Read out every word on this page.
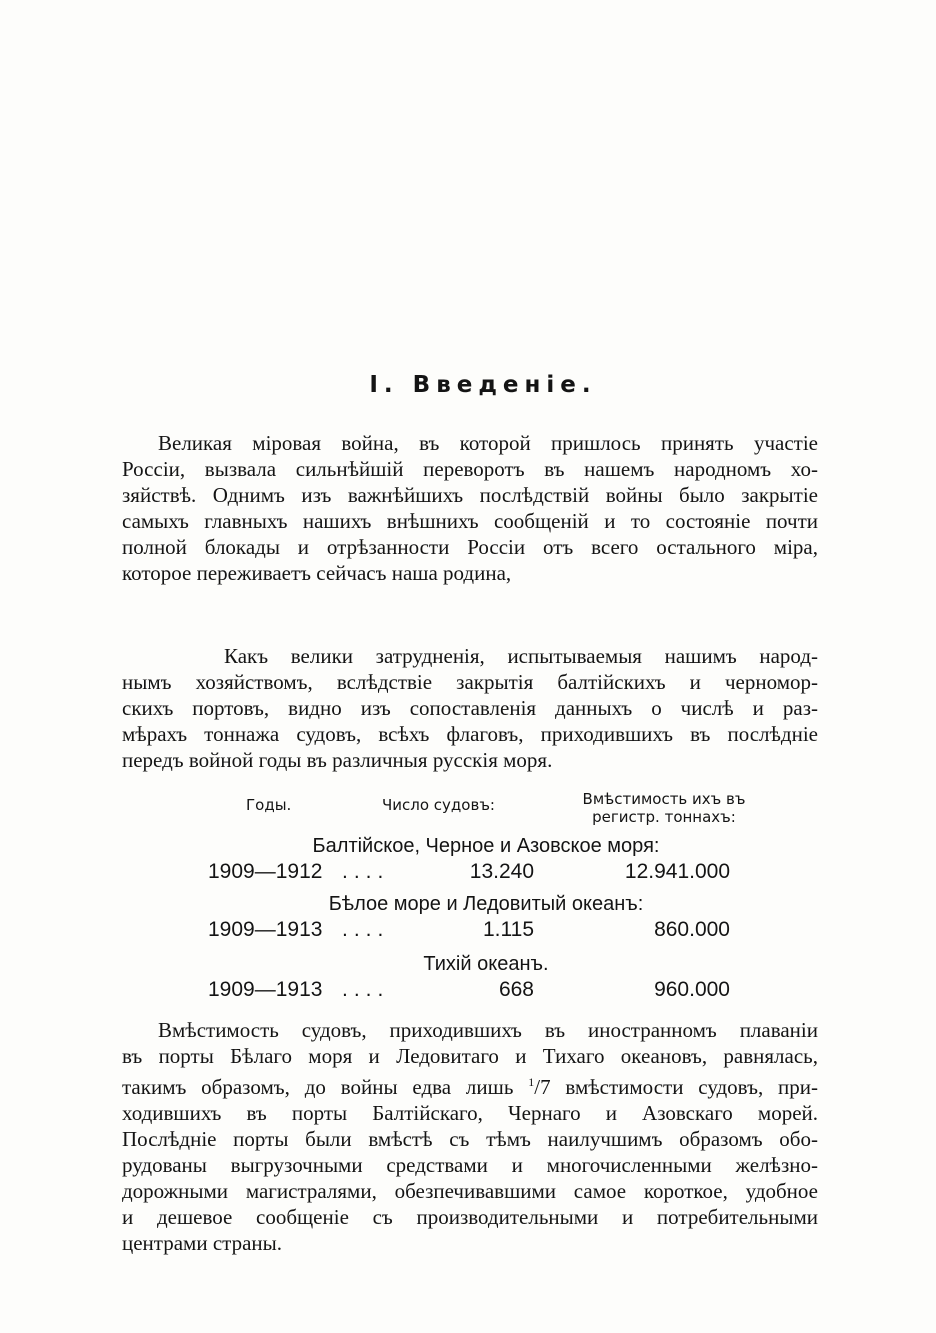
I. Введеніе.

Великая міровая война, въ которой пришлось принять участіе
Россіи, вызвала сильнѣйшій переворотъ въ нашемъ народномъ хо-
зяйствѣ. Однимъ изъ важнѣйшихъ послѣдствій войны было закрытіе
самыхъ главныхъ нашихъ внѣшнихъ сообщеній и то состояніе почти
полной блокады и отрѣзанности Россіи отъ всего остального міра,
которое переживаетъ сейчасъ наша родина,

Какъ велики затрудненія, испытываемыя нашимъ народ-
нымъ хозяйствомъ, вслѣдствіе закрытія балтійскихъ и черномор-
скихъ портовъ, видно изъ сопоставленія данныхъ о числѣ и раз-
мѣрахъ тоннажа судовъ, всѣхъ флаговъ, приходившихъ въ послѣдніе
передъ войной годы въ различныя русскія моря.

Годы.	Число судовъ:	Вмѣстимость ихъ въ
регистр. тоннахъ:
Балтійское, Черное и Азовское моря:
1909—1912 ....	13.240	12.941.000
Бѣлое море и Ледовитый океанъ:
1909—1913 ....	1.115	860.000
Тихій океанъ.
1909—1913 ....	668	960.000

Вмѣстимость судовъ, приходившихъ въ иностранномъ плаваніи
въ порты Бѣлаго моря и Ледовитаго и Тихаго океановъ, равнялась,
такимъ образомъ, до войны едва лишь $^1$/7 вмѣстимости судовъ, при-
ходившихъ въ порты Балтійскаго, Чернаго и Азовскаго морей.
Послѣдніе порты были вмѣстѣ съ тѣмъ наилучшимъ образомъ обо-
рудованы выгрузочными средствами и многочисленными желѣзно-
дорожными магистралями, обезпечивавшими самое короткое, удобное
и дешевое сообщеніе съ производительными и потребительными
центрами страны.
